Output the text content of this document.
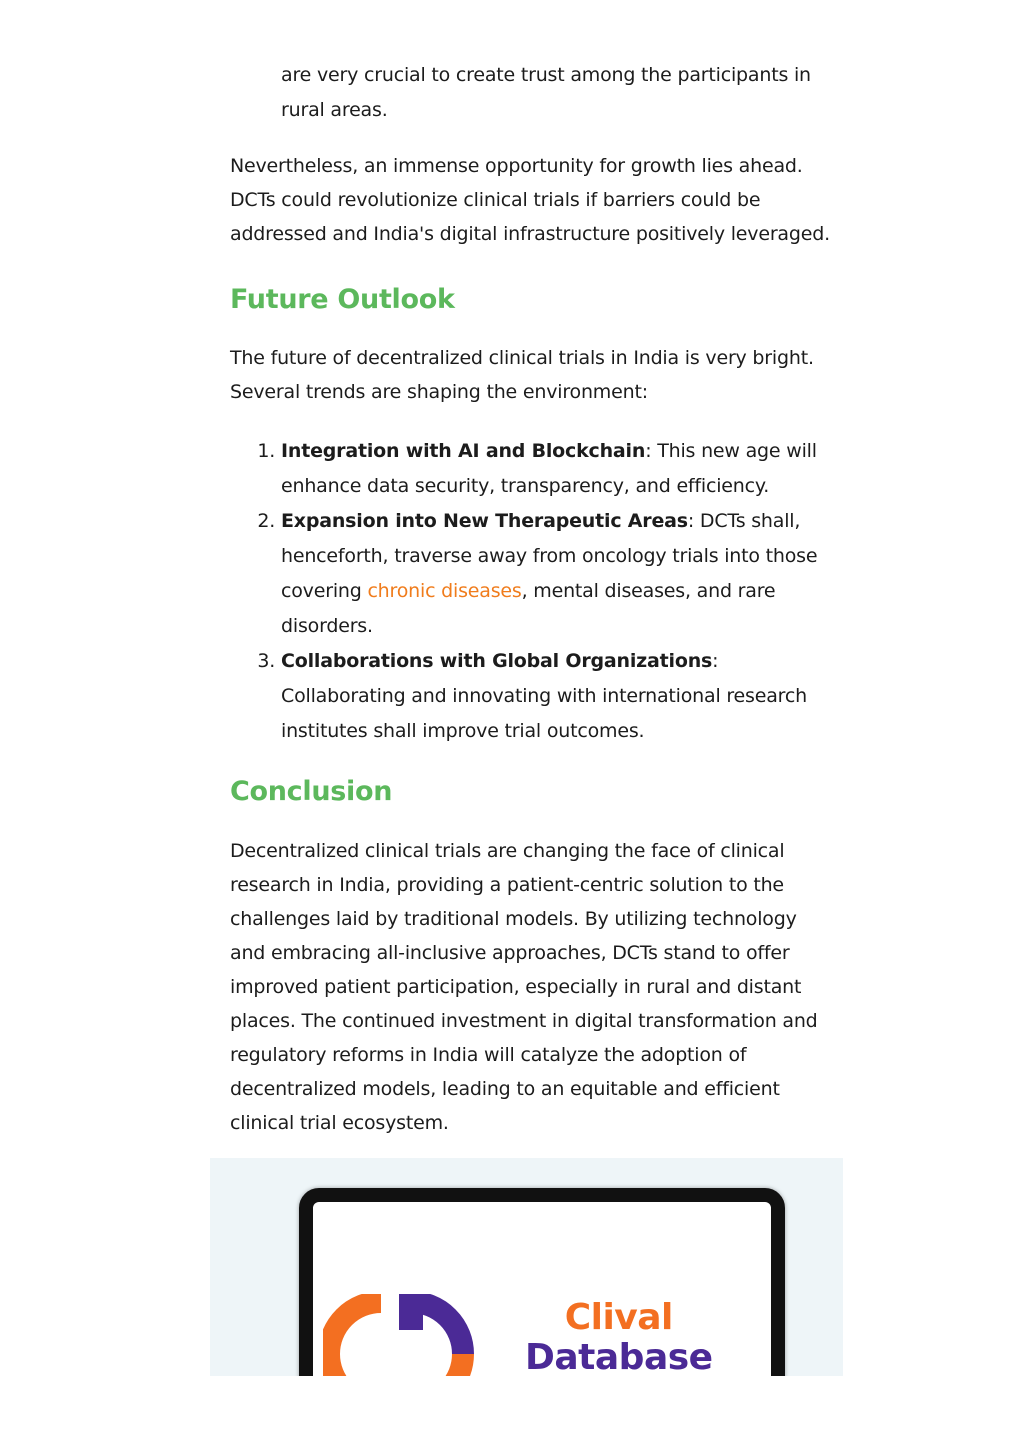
are very crucial to create trust among the participants in rural areas.

Nevertheless, an immense opportunity for growth lies ahead. DCTs could revolutionize clinical trials if barriers could be addressed and India's digital infrastructure positively leveraged.

Future Outlook

The future of decentralized clinical trials in India is very bright. Several trends are shaping the environment:

1. Integration with AI and Blockchain: This new age will enhance data security, transparency, and efficiency.
2. Expansion into New Therapeutic Areas: DCTs shall, henceforth, traverse away from oncology trials into those covering chronic diseases, mental diseases, and rare disorders.
3. Collaborations with Global Organizations: Collaborating and innovating with international research institutes shall improve trial outcomes.
Conclusion

Decentralized clinical trials are changing the face of clinical research in India, providing a patient-centric solution to the challenges laid by traditional models. By utilizing technology and embracing all-inclusive approaches, DCTs stand to offer improved patient participation, especially in rural and distant places. The continued investment in digital transformation and regulatory reforms in India will catalyze the adoption of decentralized models, leading to an equitable and efficient clinical trial ecosystem.

Clival
Database
